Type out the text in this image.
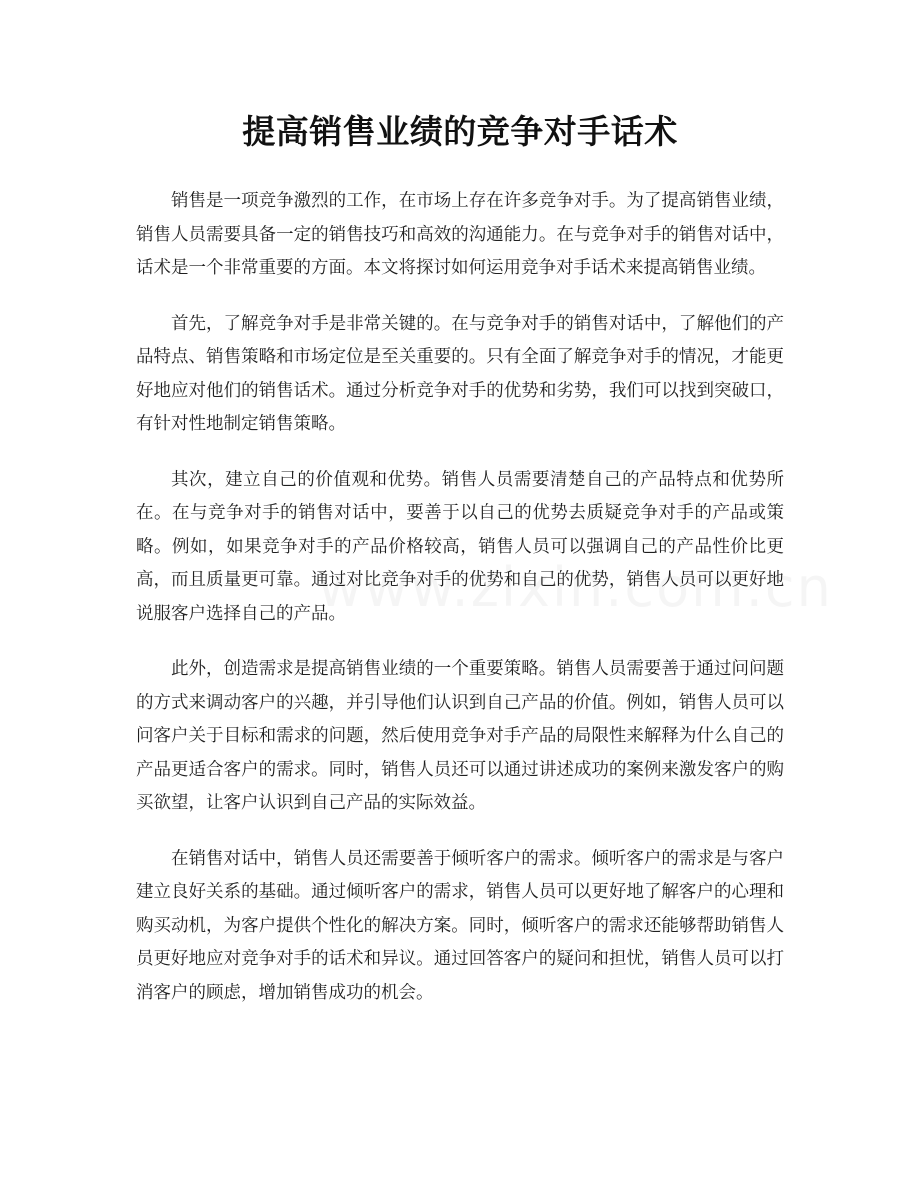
提高销售业绩的竞争对手话术

销售是一项竞争激烈的工作，在市场上存在许多竞争对手。为了提高销售业绩，销售人员需要具备一定的销售技巧和高效的沟通能力。在与竞争对手的销售对话中，话术是一个非常重要的方面。本文将探讨如何运用竞争对手话术来提高销售业绩。

首先，了解竞争对手是非常关键的。在与竞争对手的销售对话中，了解他们的产品特点、销售策略和市场定位是至关重要的。只有全面了解竞争对手的情况，才能更好地应对他们的销售话术。通过分析竞争对手的优势和劣势，我们可以找到突破口，有针对性地制定销售策略。

其次，建立自己的价值观和优势。销售人员需要清楚自己的产品特点和优势所在。在与竞争对手的销售对话中，要善于以自己的优势去质疑竞争对手的产品或策略。例如，如果竞争对手的产品价格较高，销售人员可以强调自己的产品性价比更高，而且质量更可靠。通过对比竞争对手的优势和自己的优势，销售人员可以更好地说服客户选择自己的产品。

此外，创造需求是提高销售业绩的一个重要策略。销售人员需要善于通过问问题的方式来调动客户的兴趣，并引导他们认识到自己产品的价值。例如，销售人员可以问客户关于目标和需求的问题，然后使用竞争对手产品的局限性来解释为什么自己的产品更适合客户的需求。同时，销售人员还可以通过讲述成功的案例来激发客户的购买欲望，让客户认识到自己产品的实际效益。

在销售对话中，销售人员还需要善于倾听客户的需求。倾听客户的需求是与客户建立良好关系的基础。通过倾听客户的需求，销售人员可以更好地了解客户的心理和购买动机，为客户提供个性化的解决方案。同时，倾听客户的需求还能够帮助销售人员更好地应对竞争对手的话术和异议。通过回答客户的疑问和担忧，销售人员可以打消客户的顾虑，增加销售成功的机会。
